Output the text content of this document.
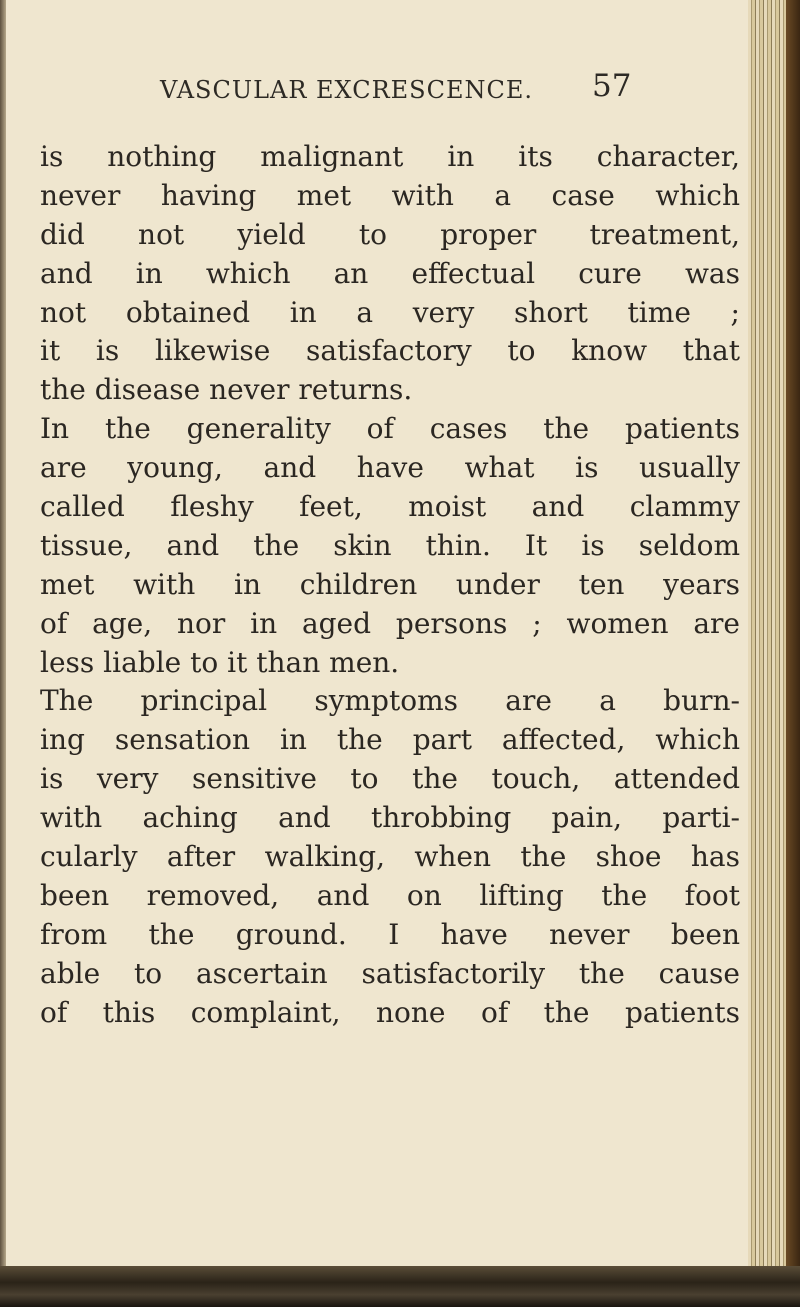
VASCULAR EXCRESCENCE. 57
is nothing malignant in its character,
never having met with a case which
did not yield to proper treatment,
and in which an effectual cure was
not obtained in a very short time ;
it is likewise satisfactory to know that
the disease never returns.
In the generality of cases the patients
are young, and have what is usually
called fleshy feet, moist and clammy
tissue, and the skin thin. It is seldom
met with in children under ten years
of age, nor in aged persons ; women are
less liable to it than men.
The principal symptoms are a burn-
ing sensation in the part affected, which
is very sensitive to the touch, attended
with aching and throbbing pain, parti-
cularly after walking, when the shoe has
been removed, and on lifting the foot
from the ground. I have never been
able to ascertain satisfactorily the cause
of this complaint, none of the patients
